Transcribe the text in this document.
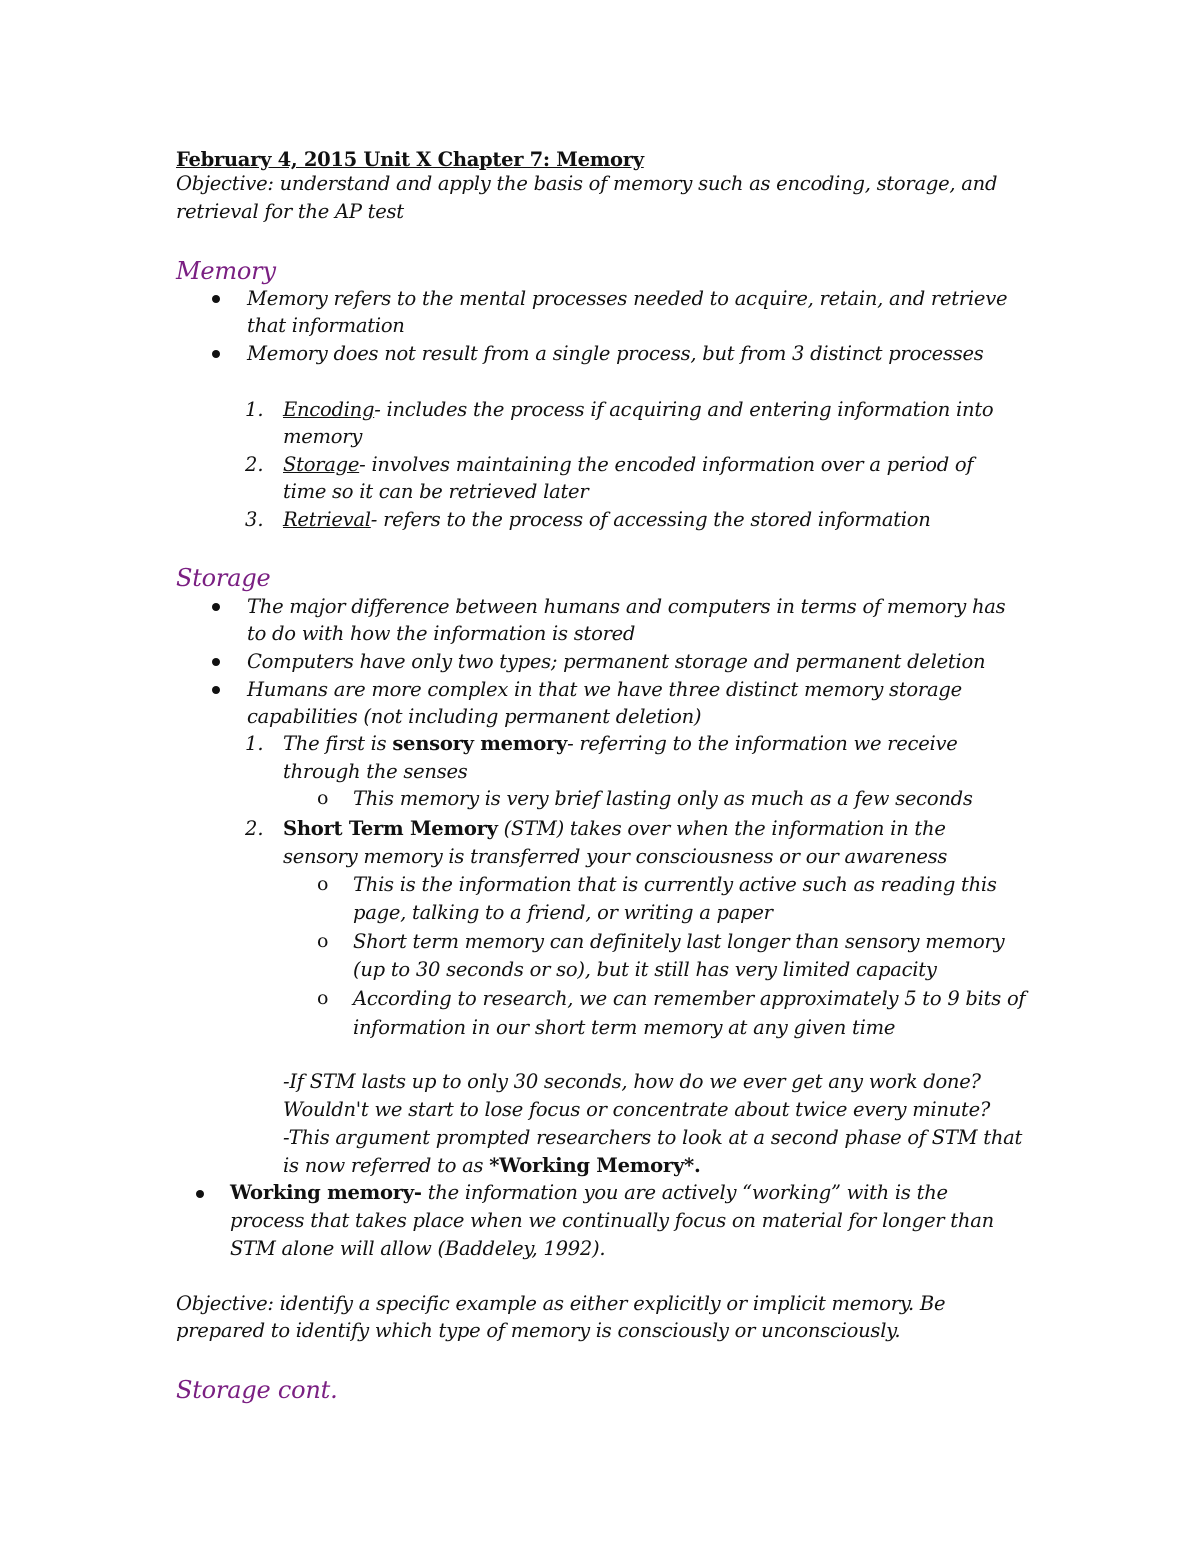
February 4, 2015 Unit X Chapter 7: Memory
Objective: understand and apply the basis of memory such as encoding, storage, and
retrieval for the AP test
Memory
Memory refers to the mental processes needed to acquire, retain, and retrieve
that information
Memory does not result from a single process, but from 3 distinct processes
1. Encoding- includes the process if acquiring and entering information into
memory
2. Storage- involves maintaining the encoded information over a period of
time so it can be retrieved later
3. Retrieval- refers to the process of accessing the stored information
Storage
The major difference between humans and computers in terms of memory has
to do with how the information is stored
Computers have only two types; permanent storage and permanent deletion
Humans are more complex in that we have three distinct memory storage
capabilities (not including permanent deletion)
1. The first is sensory memory- referring to the information we receive
through the senses
o This memory is very brief lasting only as much as a few seconds
2. Short Term Memory (STM) takes over when the information in the
sensory memory is transferred your consciousness or our awareness
o This is the information that is currently active such as reading this
page, talking to a friend, or writing a paper
o Short term memory can definitely last longer than sensory memory
(up to 30 seconds or so), but it still has very limited capacity
o According to research, we can remember approximately 5 to 9 bits of
information in our short term memory at any given time
-If STM lasts up to only 30 seconds, how do we ever get any work done?
Wouldn't we start to lose focus or concentrate about twice every minute?
-This argument prompted researchers to look at a second phase of STM that
is now referred to as *Working Memory*.
Working memory- the information you are actively “working” with is the
process that takes place when we continually focus on material for longer than
STM alone will allow (Baddeley, 1992).
Objective: identify a specific example as either explicitly or implicit memory. Be
prepared to identify which type of memory is consciously or unconsciously.
Storage cont.
